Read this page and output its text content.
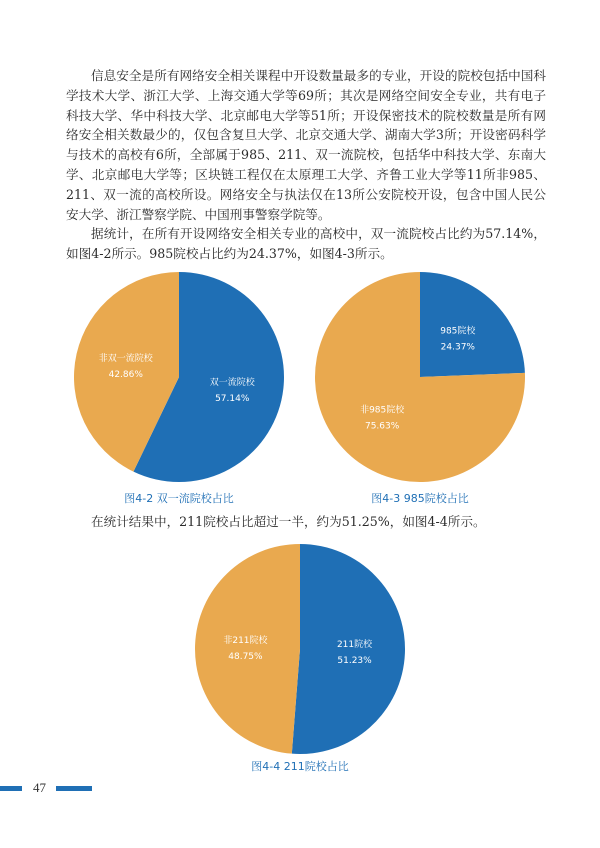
信息安全是所有网络安全相关课程中开设数量最多的专业，开设的院校包括中国科学技术大学、浙江大学、上海交通大学等69所；其次是网络空间安全专业，共有电子科技大学、华中科技大学、北京邮电大学等51所；开设保密技术的院校数量是所有网络安全相关数最少的，仅包含复旦大学、北京交通大学、湖南大学3所；开设密码科学与技术的高校有6所，全部属于985、211、双一流院校，包括华中科技大学、东南大学、北京邮电大学等；区块链工程仅在太原理工大学、齐鲁工业大学等11所非985、211、双一流的高校所设。网络安全与执法仅在13所公安院校开设，包含中国人民公安大学、浙江警察学院、中国刑事警察学院等。

据统计，在所有开设网络安全相关专业的高校中，双一流院校占比约为57.14%，如图4-2所示。985院校占比约为24.37%，如图4-3所示。

双一流院校
57.14%
非双一流院校
42.86%
图4-2 双一流院校占比
985院校
24.37%
非985院校
75.63%
图4-3 985院校占比

在统计结果中，211院校占比超过一半，约为51.25%，如图4-4所示。

211院校
51.23%
非211院校
48.75%
图4-4 211院校占比
47
